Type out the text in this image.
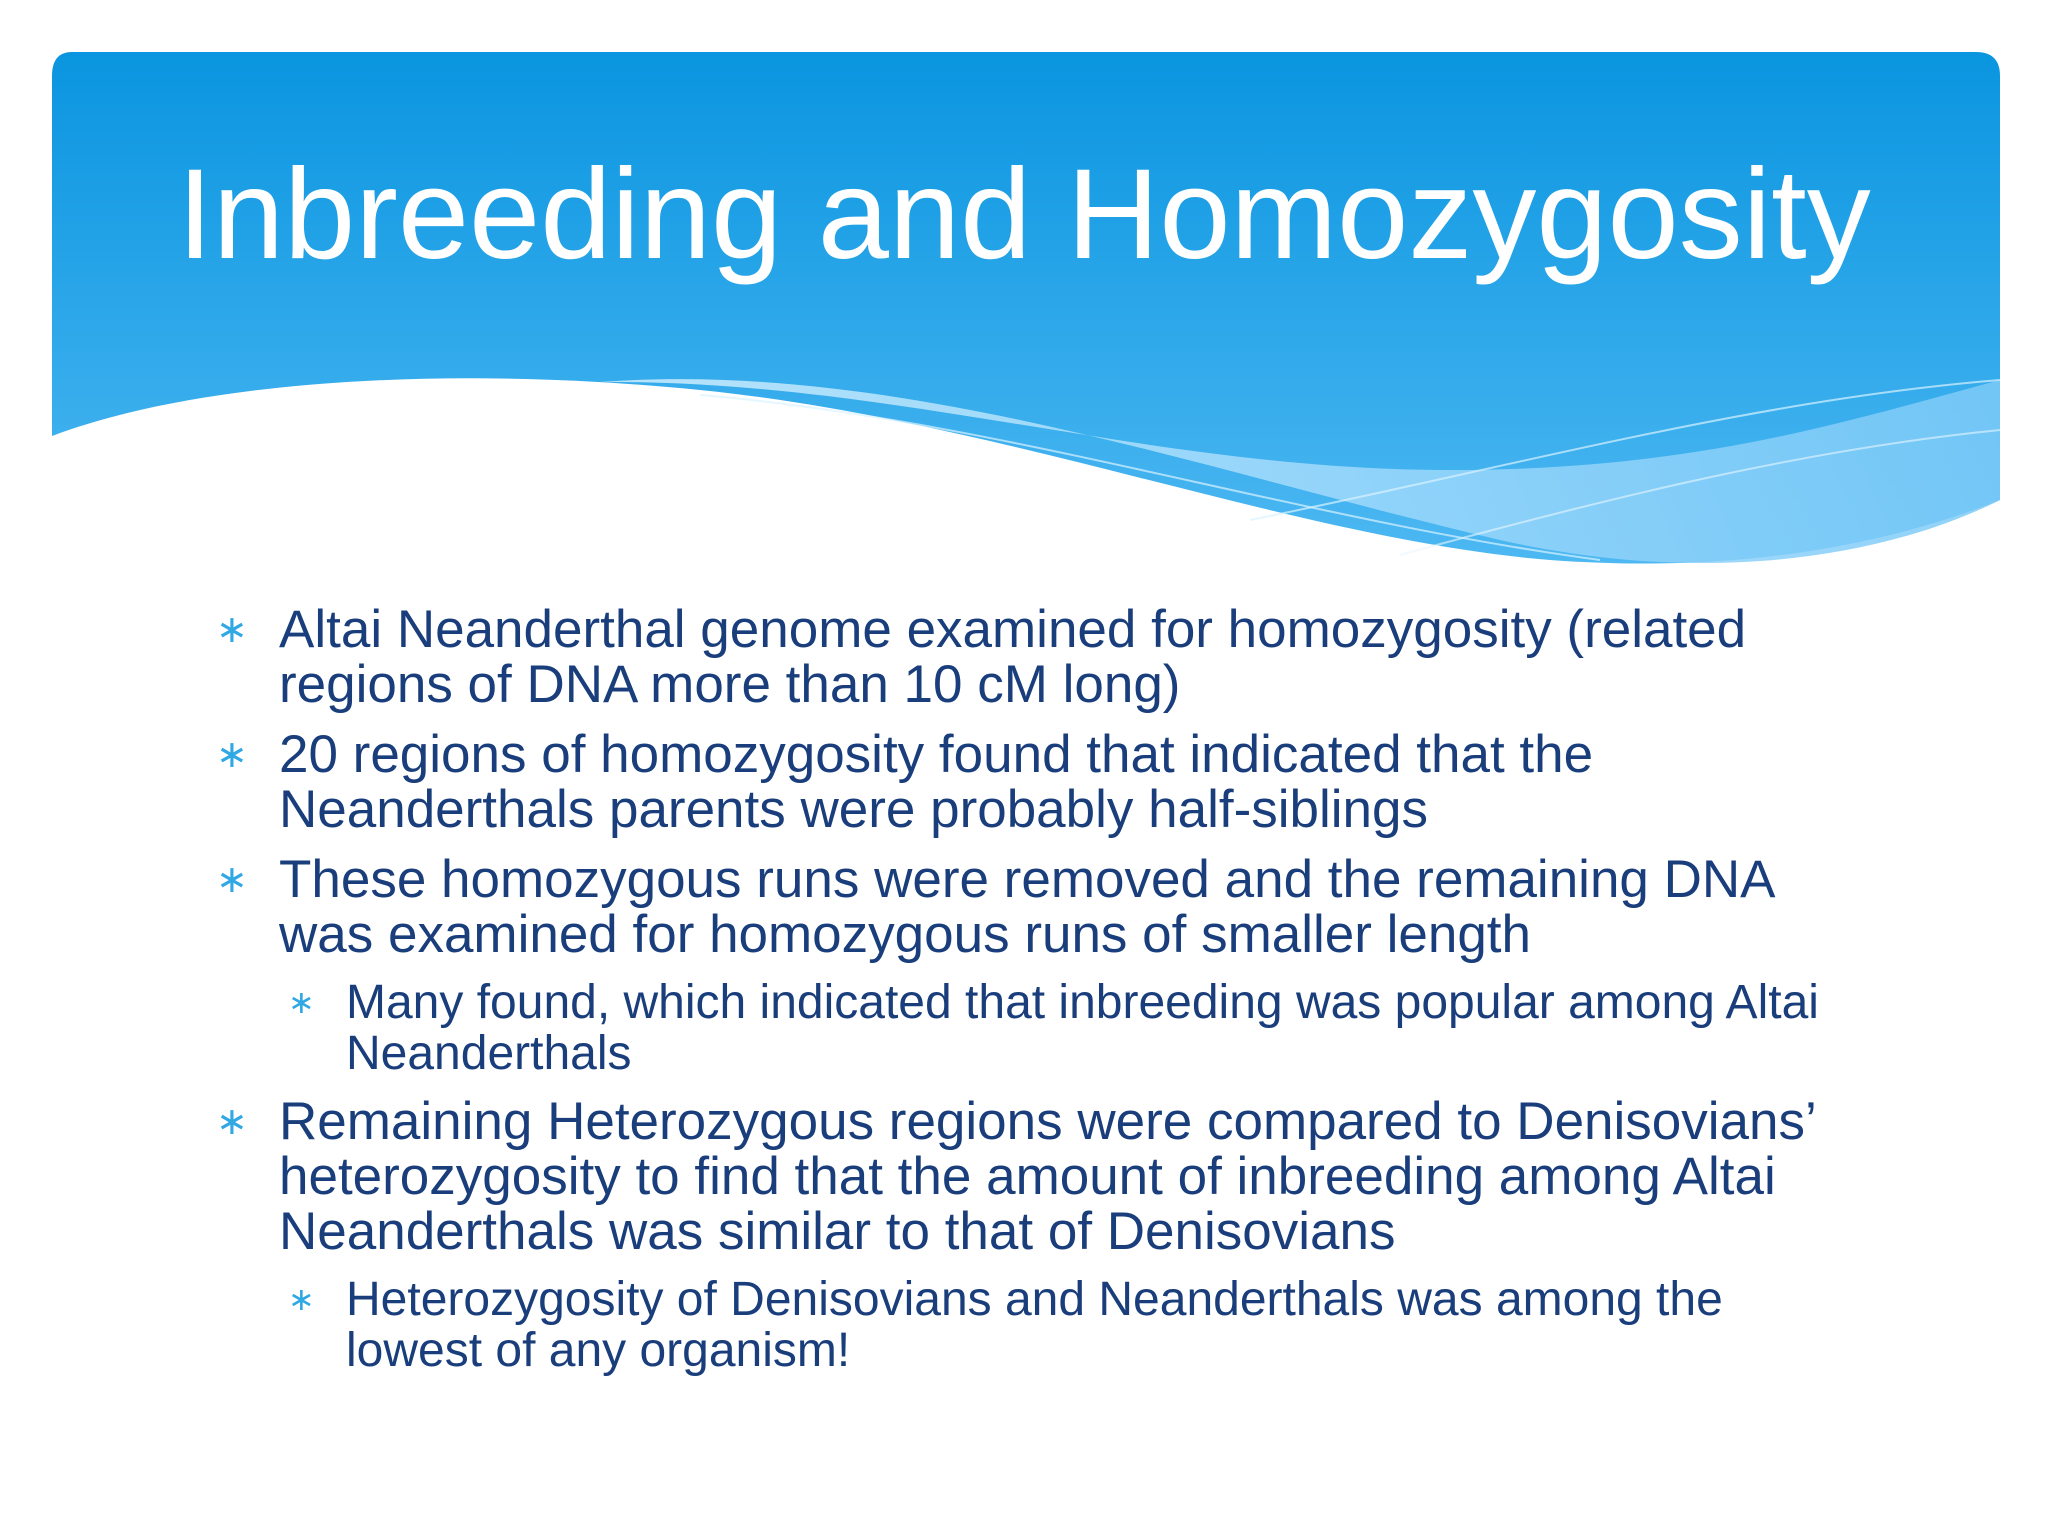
Inbreeding and Homozygosity
∗ Altai Neanderthal genome examined for homozygosity (related regions of DNA more than 10 cM long)
∗ 20 regions of homozygosity found that indicated that the Neanderthals parents were probably half-siblings
∗ These homozygous runs were removed and the remaining DNA was examined for homozygous runs of smaller length
∗ Many found, which indicated that inbreeding was popular among Altai Neanderthals
∗ Remaining Heterozygous regions were compared to Denisovians’ heterozygosity to find that the amount of inbreeding among Altai Neanderthals was similar to that of Denisovians
∗ Heterozygosity of Denisovians and Neanderthals was among the lowest of any organism!
